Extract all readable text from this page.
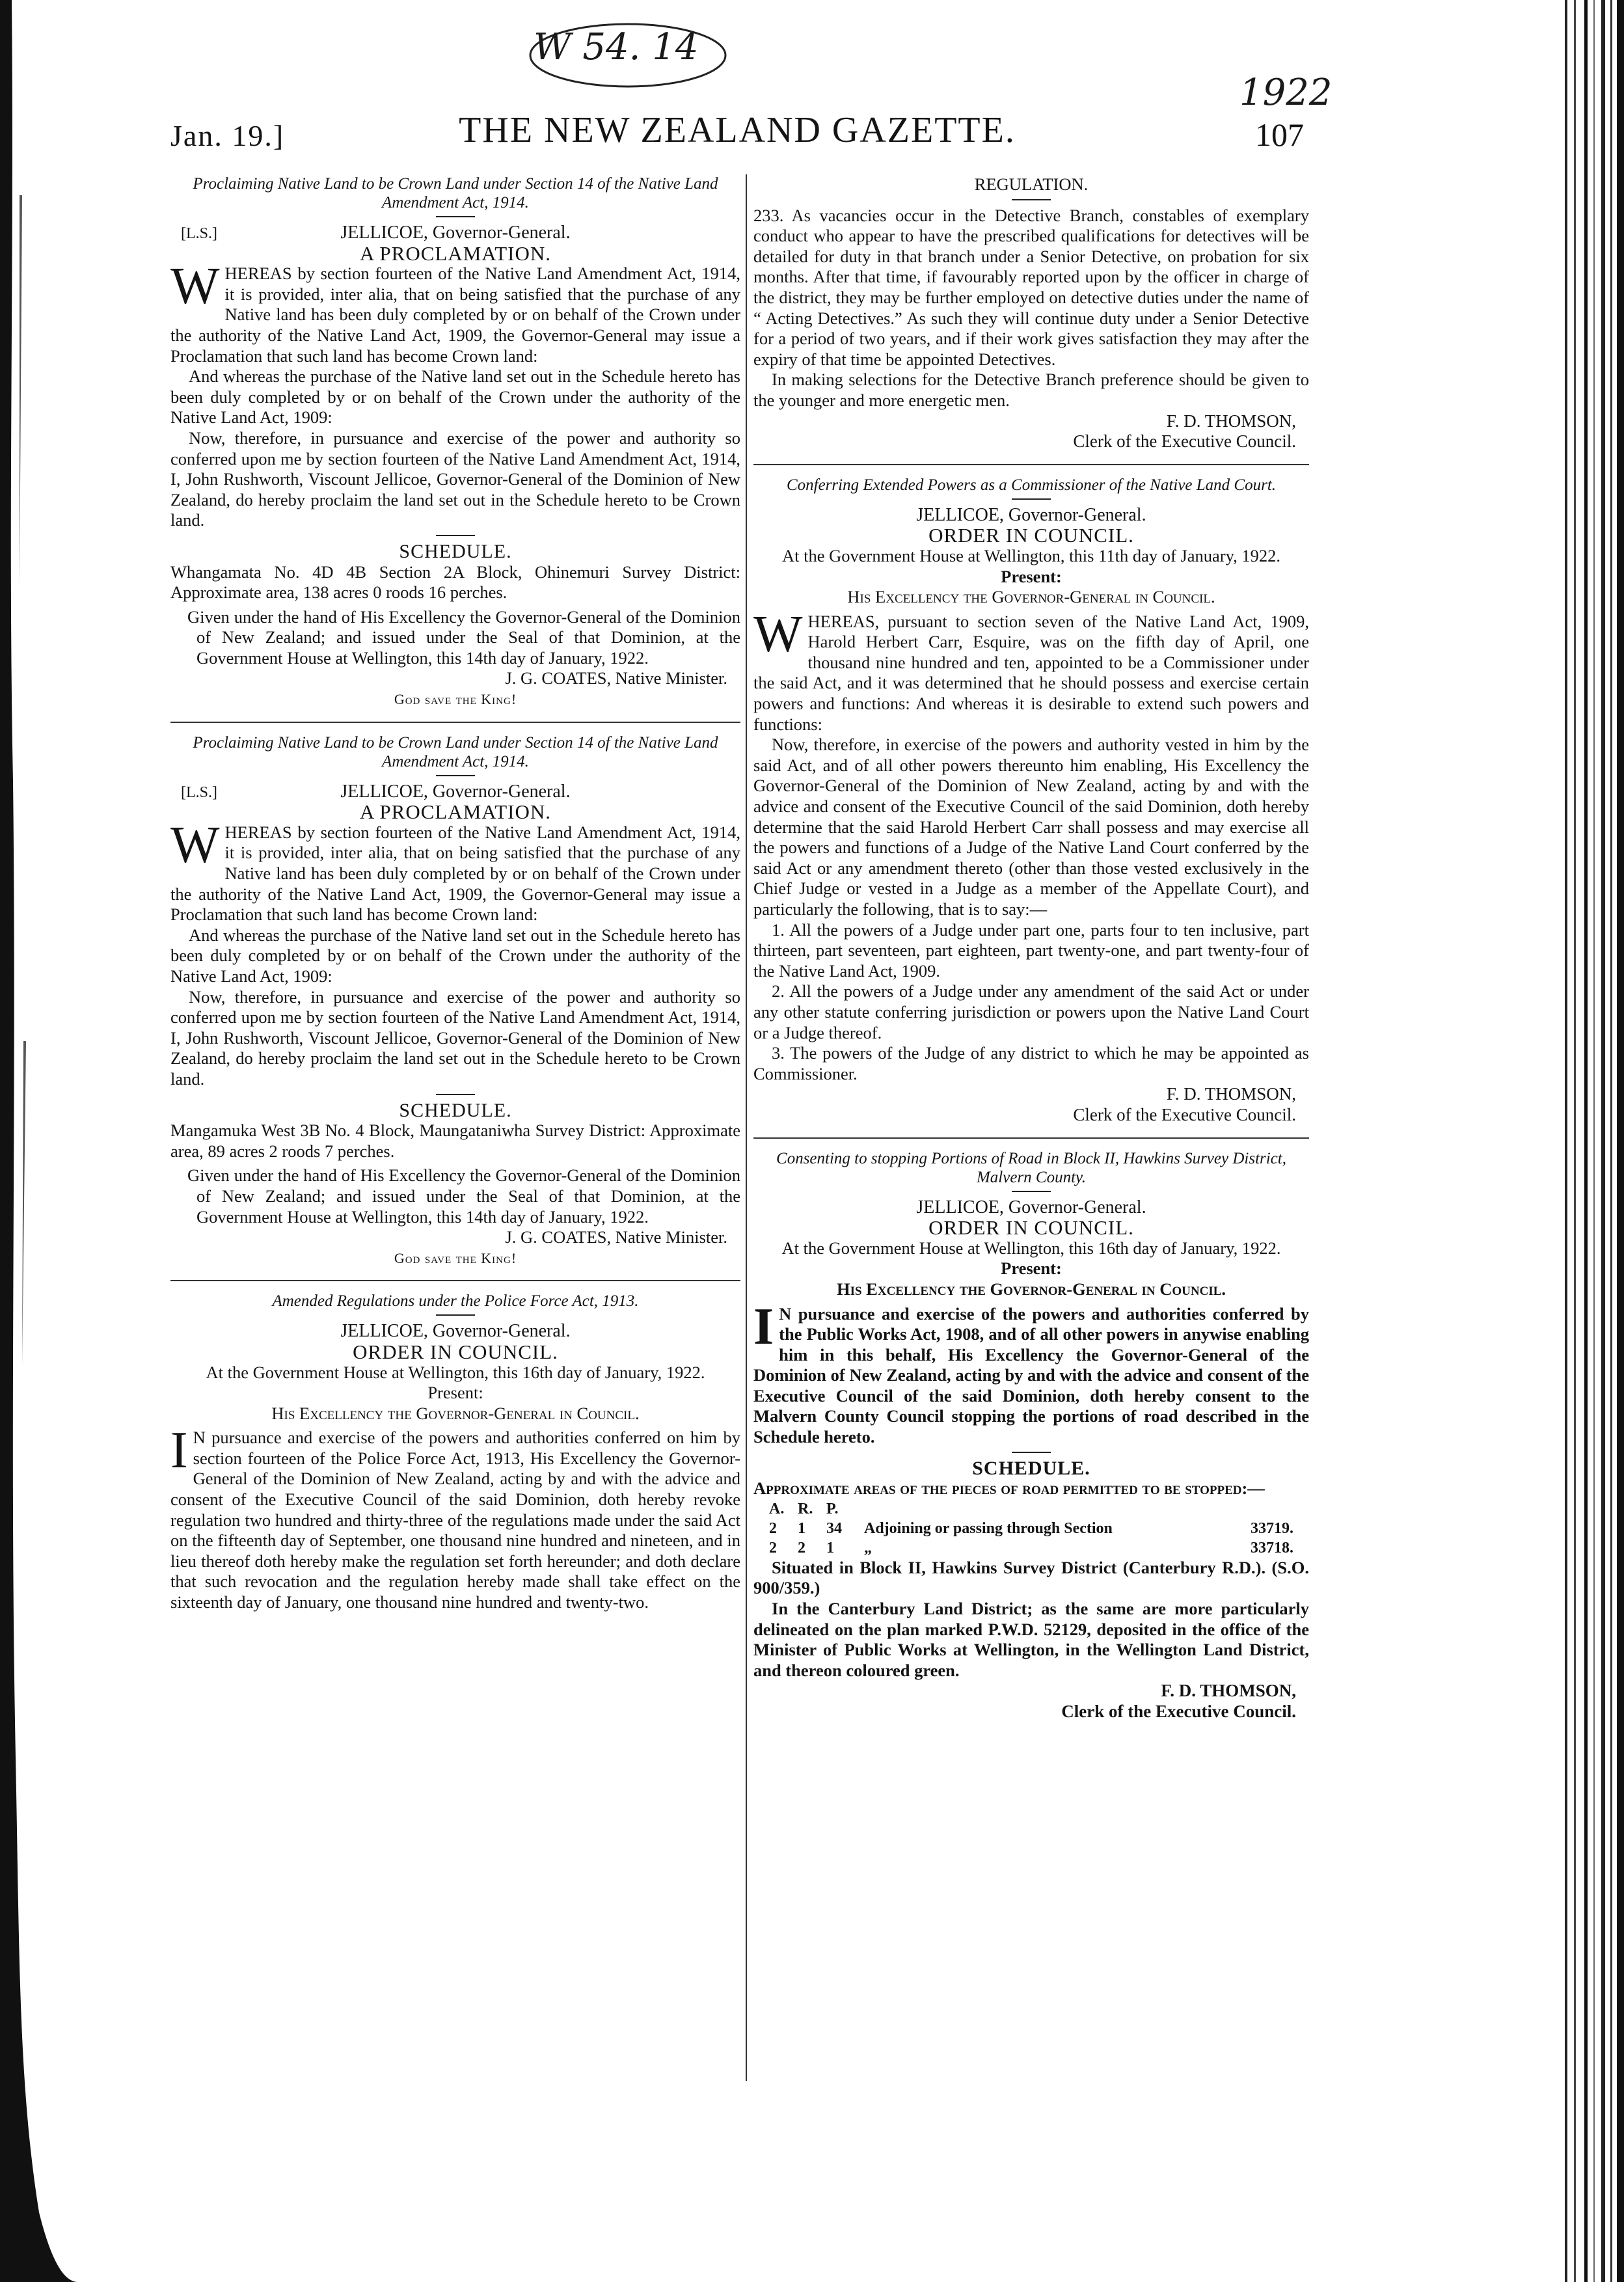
W 54. 14
1922
Jan. 19.]	THE NEW ZEALAND GAZETTE.	107

Proclaiming Native Land to be Crown Land under Section 14 of the Native Land Amendment Act, 1914.

[L.S.]	JELLICOE, Governor-General.

A PROCLAMATION.

WHEREAS by section fourteen of the Native Land Amendment Act, 1914, it is provided, inter alia, that on being satisfied that the purchase of any Native land has been duly completed by or on behalf of the Crown under the authority of the Native Land Act, 1909, the Governor-General may issue a Proclamation that such land has become Crown land:

And whereas the purchase of the Native land set out in the Schedule hereto has been duly completed by or on behalf of the Crown under the authority of the Native Land Act, 1909:

Now, therefore, in pursuance and exercise of the power and authority so conferred upon me by section fourteen of the Native Land Amendment Act, 1914, I, John Rushworth, Viscount Jellicoe, Governor-General of the Dominion of New Zealand, do hereby proclaim the land set out in the Schedule hereto to be Crown land.

SCHEDULE.

Whangamata No. 4D 4B Section 2A Block, Ohinemuri Survey District: Approximate area, 138 acres 0 roods 16 perches.

Given under the hand of His Excellency the Governor-General of the Dominion of New Zealand; and issued under the Seal of that Dominion, at the Government House at Wellington, this 14th day of January, 1922.

J. G. COATES, Native Minister.

God save the King!

Proclaiming Native Land to be Crown Land under Section 14 of the Native Land Amendment Act, 1914.

[L.S.]	JELLICOE, Governor-General.

A PROCLAMATION.

WHEREAS by section fourteen of the Native Land Amendment Act, 1914, it is provided, inter alia, that on being satisfied that the purchase of any Native land has been duly completed by or on behalf of the Crown under the authority of the Native Land Act, 1909, the Governor-General may issue a Proclamation that such land has become Crown land:

And whereas the purchase of the Native land set out in the Schedule hereto has been duly completed by or on behalf of the Crown under the authority of the Native Land Act, 1909:

Now, therefore, in pursuance and exercise of the power and authority so conferred upon me by section fourteen of the Native Land Amendment Act, 1914, I, John Rushworth, Viscount Jellicoe, Governor-General of the Dominion of New Zealand, do hereby proclaim the land set out in the Schedule hereto to be Crown land.

SCHEDULE.

Mangamuka West 3B No. 4 Block, Maungataniwha Survey District: Approximate area, 89 acres 2 roods 7 perches.

Given under the hand of His Excellency the Governor-General of the Dominion of New Zealand; and issued under the Seal of that Dominion, at the Government House at Wellington, this 14th day of January, 1922.

J. G. COATES, Native Minister.

God save the King!

Amended Regulations under the Police Force Act, 1913.

JELLICOE, Governor-General.

ORDER IN COUNCIL.

At the Government House at Wellington, this 16th day of January, 1922.

Present:

His Excellency the Governor-General in Council.

I N pursuance and exercise of the powers and authorities conferred on him by section fourteen of the Police Force Act, 1913, His Excellency the Governor-General of the Dominion of New Zealand, acting by and with the advice and consent of the Executive Council of the said Dominion, doth hereby revoke regulation two hundred and thirty-three of the regulations made under the said Act on the fifteenth day of September, one thousand nine hundred and nineteen, and in lieu thereof doth hereby make the regulation set forth hereunder; and doth declare that such revocation and the regulation hereby made shall take effect on the sixteenth day of January, one thousand nine hundred and twenty-two.

REGULATION.

233. As vacancies occur in the Detective Branch, constables of exemplary conduct who appear to have the prescribed qualifications for detectives will be detailed for duty in that branch under a Senior Detective, on probation for six months. After that time, if favourably reported upon by the officer in charge of the district, they may be further employed on detective duties under the name of “ Acting Detectives.” As such they will continue duty under a Senior Detective for a period of two years, and if their work gives satisfaction they may after the expiry of that time be appointed Detectives.

In making selections for the Detective Branch preference should be given to the younger and more energetic men.

F. D. THOMSON,

Clerk of the Executive Council.

Conferring Extended Powers as a Commissioner of the Native Land Court.

JELLICOE, Governor-General.

ORDER IN COUNCIL.

At the Government House at Wellington, this 11th day of January, 1922.

Present:

His Excellency the Governor-General in Council.

WHEREAS, pursuant to section seven of the Native Land Act, 1909, Harold Herbert Carr, Esquire, was on the fifth day of April, one thousand nine hundred and ten, appointed to be a Commissioner under the said Act, and it was determined that he should possess and exercise certain powers and functions: And whereas it is desirable to extend such powers and functions:

Now, therefore, in exercise of the powers and authority vested in him by the said Act, and of all other powers thereunto him enabling, His Excellency the Governor-General of the Dominion of New Zealand, acting by and with the advice and consent of the Executive Council of the said Dominion, doth hereby determine that the said Harold Herbert Carr shall possess and may exercise all the powers and functions of a Judge of the Native Land Court conferred by the said Act or any amendment thereto (other than those vested exclusively in the Chief Judge or vested in a Judge as a member of the Appellate Court), and particularly the following, that is to say:—

1. All the powers of a Judge under part one, parts four to ten inclusive, part thirteen, part seventeen, part eighteen, part twenty-one, and part twenty-four of the Native Land Act, 1909.

2. All the powers of a Judge under any amendment of the said Act or under any other statute conferring jurisdiction or powers upon the Native Land Court or a Judge thereof.

3. The powers of the Judge of any district to which he may be appointed as Commissioner.

F. D. THOMSON,

Clerk of the Executive Council.

Consenting to stopping Portions of Road in Block II, Hawkins Survey District, Malvern County.

JELLICOE, Governor-General.

ORDER IN COUNCIL.

At the Government House at Wellington, this 16th day of January, 1922.

Present:

His Excellency the Governor-General in Council.

I N pursuance and exercise of the powers and authorities conferred by the Public Works Act, 1908, and of all other powers in anywise enabling him in this behalf, His Excellency the Governor-General of the Dominion of New Zealand, acting by and with the advice and consent of the Executive Council of the said Dominion, doth hereby consent to the Malvern County Council stopping the portions of road described in the Schedule hereto.

SCHEDULE.

Approximate areas of the pieces of road permitted to be stopped:—

A. R. P.
2	1	34	Adjoining or passing through Section	33719.
2	2	1	„	33718.

Situated in Block II, Hawkins Survey District (Canterbury R.D.). (S.O. 900/359.)

In the Canterbury Land District; as the same are more particularly delineated on the plan marked P.W.D. 52129, deposited in the office of the Minister of Public Works at Wellington, in the Wellington Land District, and thereon coloured green.

F. D. THOMSON,

Clerk of the Executive Council.
